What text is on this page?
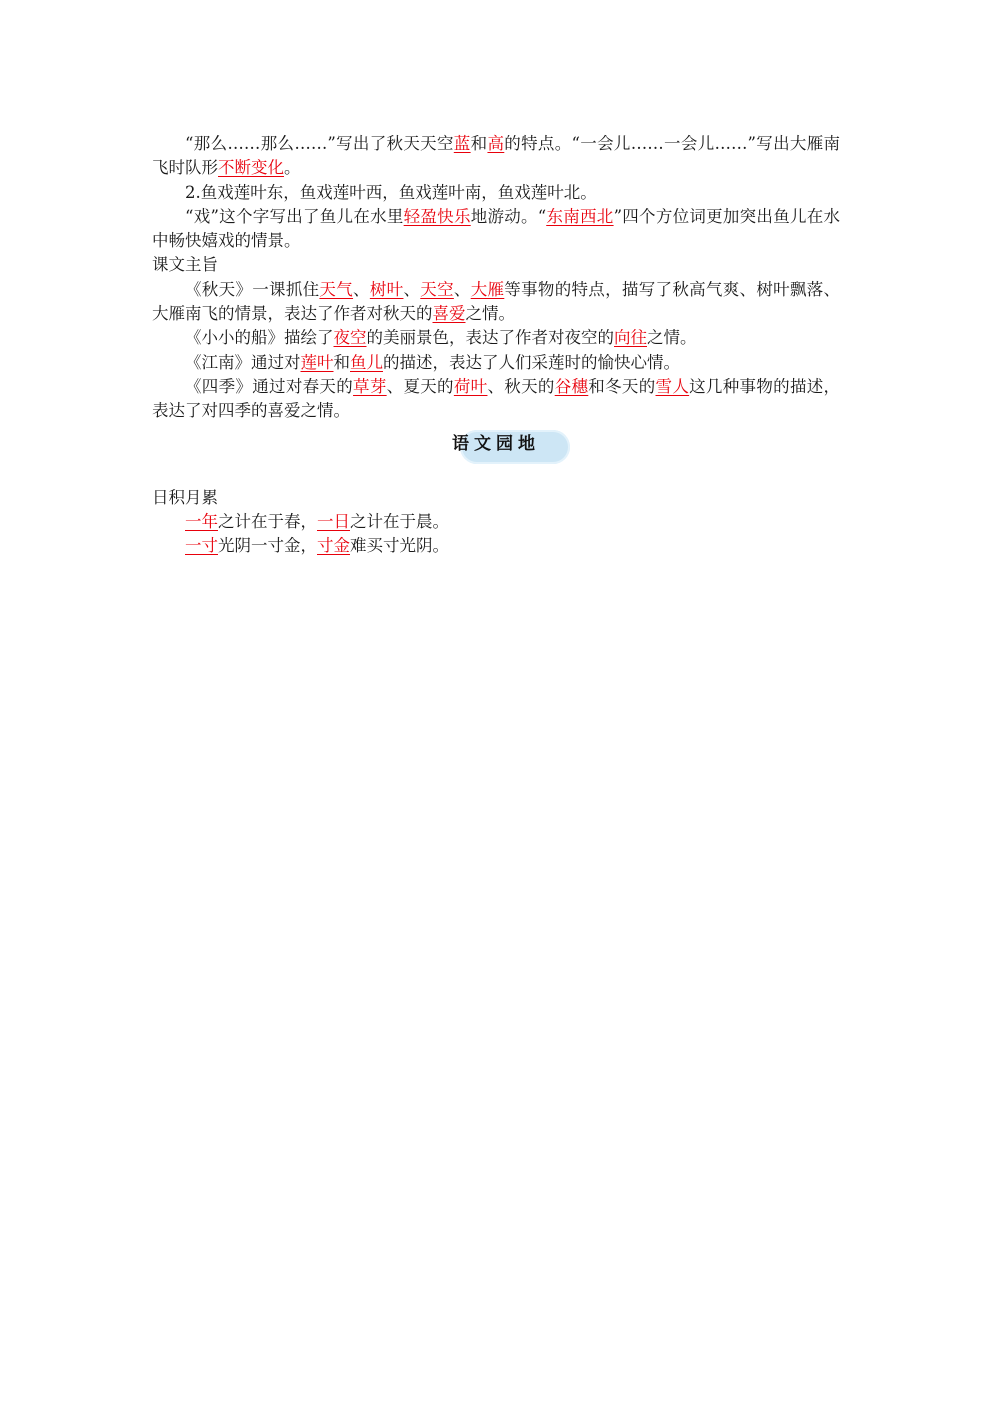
“那么……那么……”写出了秋天天空蓝和高的特点。“一会儿……一会儿……”写出大雁南飞时队形不断变化。

2.鱼戏莲叶东，鱼戏莲叶西，鱼戏莲叶南，鱼戏莲叶北。

“戏”这个字写出了鱼儿在水里轻盈快乐地游动。“东南西北”四个方位词更加突出鱼儿在水中畅快嬉戏的情景。

课文主旨

《秋天》一课抓住天气、树叶、天空、大雁等事物的特点，描写了秋高气爽、树叶飘落、大雁南飞的情景，表达了作者对秋天的喜爱之情。

《小小的船》描绘了夜空的美丽景色，表达了作者对夜空的向往之情。

《江南》通过对莲叶和鱼儿的描述，表达了人们采莲时的愉快心情。

《四季》通过对春天的草芽、夏天的荷叶、秋天的谷穗和冬天的雪人这几种事物的描述，表达了对四季的喜爱之情。

语文园地

日积月累

一年之计在于春，一日之计在于晨。

一寸光阴一寸金，寸金难买寸光阴。
